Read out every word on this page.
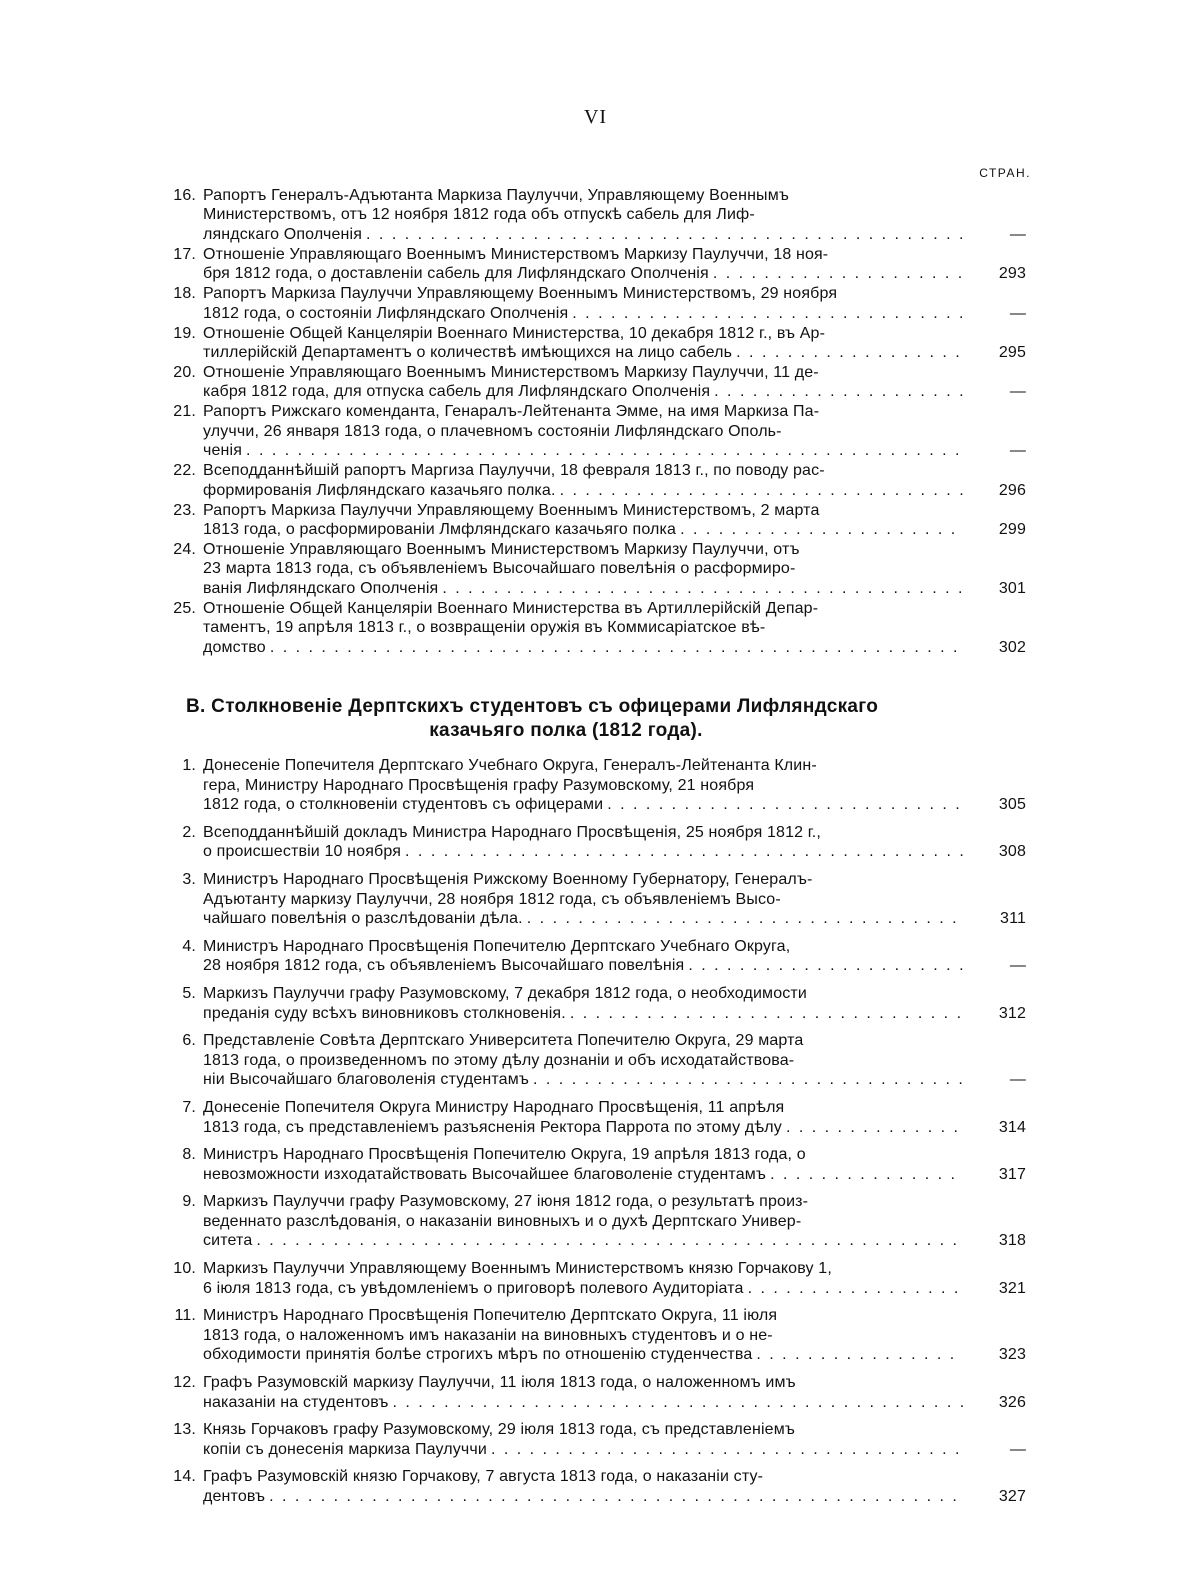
VI
СТРАН.
16. Рапортъ Генералъ-Адъютанта Маркиза Паулуччи, Управляющему Военнымъ
Министерствомъ, отъ 12 ноября 1812 года объ отпускѣ сабель для Лиф-
ляндскаго Ополченiя . . .	—
17. Отношенiе Управляющаго Военнымъ Министерствомъ Маркизу Паулуччи, 18 ноя-
бря 1812 года, о доставленiи сабель для Лифляндскаго Ополченiя . . .	293
18. Рапортъ Маркиза Паулуччи Управляющему Военнымъ Министерствомъ, 29 ноября
1812 года, о состоянiи Лифляндскаго Ополченiя . . .	—
19. Отношенiе Общей Канцелярiи Военнаго Министерства, 10 декабря 1812 г., въ Ар-
тиллерiйскiй Департаментъ о количествѣ имѣющихся на лицо сабель . . .	295
20. Отношенiе Управляющаго Военнымъ Министерствомъ Маркизу Паулуччи, 11 де-
кабря 1812 года, для отпуска сабель для Лифляндскаго Ополченiя . . .	—
21. Рапортъ Рижскаго коменданта, Генаралъ-Лейтенанта Эмме, на имя Маркиза Па-
улуччи, 26 января 1813 года, о плачевномъ состоянiи Лифляндскаго Ополь-
ченiя . . .	—
22. Всеподданнѣйшiй рапортъ Маргиза Паулуччи, 18 февраля 1813 г., по поводу рас-
формированiя Лифляндскаго казачьяго полка. . . .	296
23. Рапортъ Маркиза Паулуччи Управляющему Военнымъ Министерствомъ, 2 марта
1813 года, о расформированiи Лмфляндскаго казачьяго полка . . .	299
24. Отношенiе Управляющаго Военнымъ Министерствомъ Маркизу Паулуччи, отъ
23 марта 1813 года, съ объявленiемъ Высочайшаго повелѣнiя о расформиро-
ванiя Лифляндскаго Ополченiя . . .	301
25. Отношенiе Общей Канцелярiи Военнаго Министерства въ Артиллерiйскiй Депар-
таментъ, 19 апрѣля 1813 г., о возвращенiи оружiя въ Коммисарiатское вѣ-
домство . . .	302
В. Столкновенiе Дерптскихъ студентовъ съ офицерами Лифляндскаго
казачьяго полка (1812 года).
1. Донесенiе Попечителя Дерптскаго Учебнаго Округа, Генералъ-Лейтенанта Клин-
гера, Министру Народнаго Просвѣщенiя графу Разумовскому, 21 ноября
1812 года, о столкновенiи студентовъ съ офицерами . . .	305
2. Всеподданнѣйшiй докладъ Министра Народнаго Просвѣщенiя, 25 ноября 1812 г.,
о происшествiи 10 ноября . . .	308
3. Министръ Народнаго Просвѣщенiя Рижскому Военному Губернатору, Генералъ-
Адъютанту маркизу Паулуччи, 28 ноября 1812 года, съ объявленiемъ Высо-
чайшаго повелѣнiя о разслѣдованiи дѣла. . . .	311
4. Министръ Народнаго Просвѣщенiя Попечителю Дерптскаго Учебнаго Округа,
28 ноября 1812 года, съ объявленiемъ Высочайшаго повелѣнiя . . .	—
5. Маркизъ Паулуччи графу Разумовскому, 7 декабря 1812 года, о необходимости
преданiя суду всѣхъ виновниковъ столкновенiя. . . .	312
6. Представленiе Совѣта Дерптскаго Университета Попечителю Округа, 29 марта
1813 года, о произведенномъ по этому дѣлу дознанiи и объ исходатайствова-
нiи Высочайшаго благоволенiя студентамъ . . .	—
7. Донесенiе Попечителя Округа Министру Народнаго Просвѣщенiя, 11 апрѣля
1813 года, съ представленiемъ разъясненiя Ректора Паррота по этому дѣлу . . .	314
8. Министръ Народнаго Просвѣщенiя Попечителю Округа, 19 апрѣля 1813 года, о
невозможности изходатайствовать Высочайшее благоволенiе студентамъ . . .	317
9. Маркизъ Паулуччи графу Разумовскому, 27 iюня 1812 года, о результатѣ произ-
веденнато разслѣдованiя, о наказанiи виновныхъ и о духѣ Дерптскаго Универ-
ситета . . .	318
10. Маркизъ Паулуччи Управляющему Военнымъ Министерствомъ князю Горчакову 1,
6 iюля 1813 года, съ увѣдомленiемъ о приговорѣ полевого Аудиторiата . . .	321
11. Министръ Народнаго Просвѣщенiя Попечителю Дерптскато Округа, 11 iюля
1813 года, о наложенномъ имъ наказанiи на виновныхъ студентовъ и о не-
обходимости принятiя болѣе строгихъ мѣръ по отношенiю студенчества . . .	323
12. Графъ Разумовскiй маркизу Паулуччи, 11 iюля 1813 года, о наложенномъ имъ
наказанiи на студентовъ . . .	326
13. Князь Горчаковъ графу Разумовскому, 29 iюля 1813 года, съ представленiемъ
копiи съ донесенiя маркиза Паулуччи . . .	—
14. Графъ Разумовскiй князю Горчакову, 7 августа 1813 года, о наказанiи сту-
дентовъ . . .	327
